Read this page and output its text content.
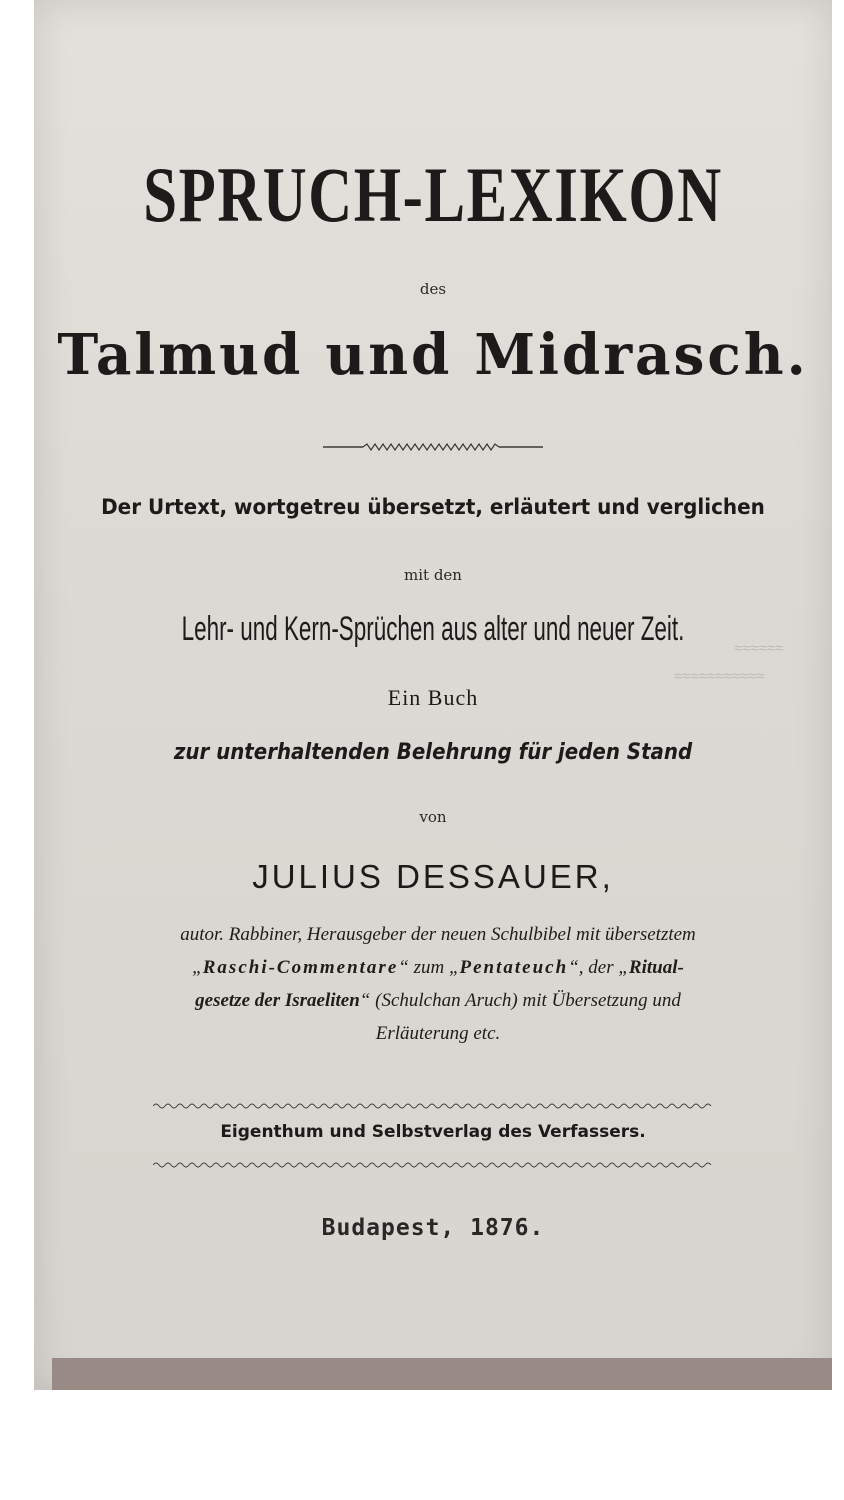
≈≈≈≈≈≈
≈≈≈≈≈≈≈≈≈≈≈
SPRUCH-LEXIKON
des
Talmud und Midrasch.
Der Urtext, wortgetreu übersetzt, erläutert und verglichen
mit den
Lehr- und Kern-Sprüchen aus alter und neuer Zeit.
Ein Buch
zur unterhaltenden Belehrung für jeden Stand
von
JULIUS DESSAUER,
autor. Rabbiner, Herausgeber der neuen Schulbibel mit übersetztem
„Raschi-Commentare“ zum „Pentateuch“, der „Ritual-
gesetze der Israeliten“ (Schulchan Aruch) mit Übersetzung und
Erläuterung etc.
Eigenthum und Selbstverlag des Verfassers.
Budapest, 1876.
